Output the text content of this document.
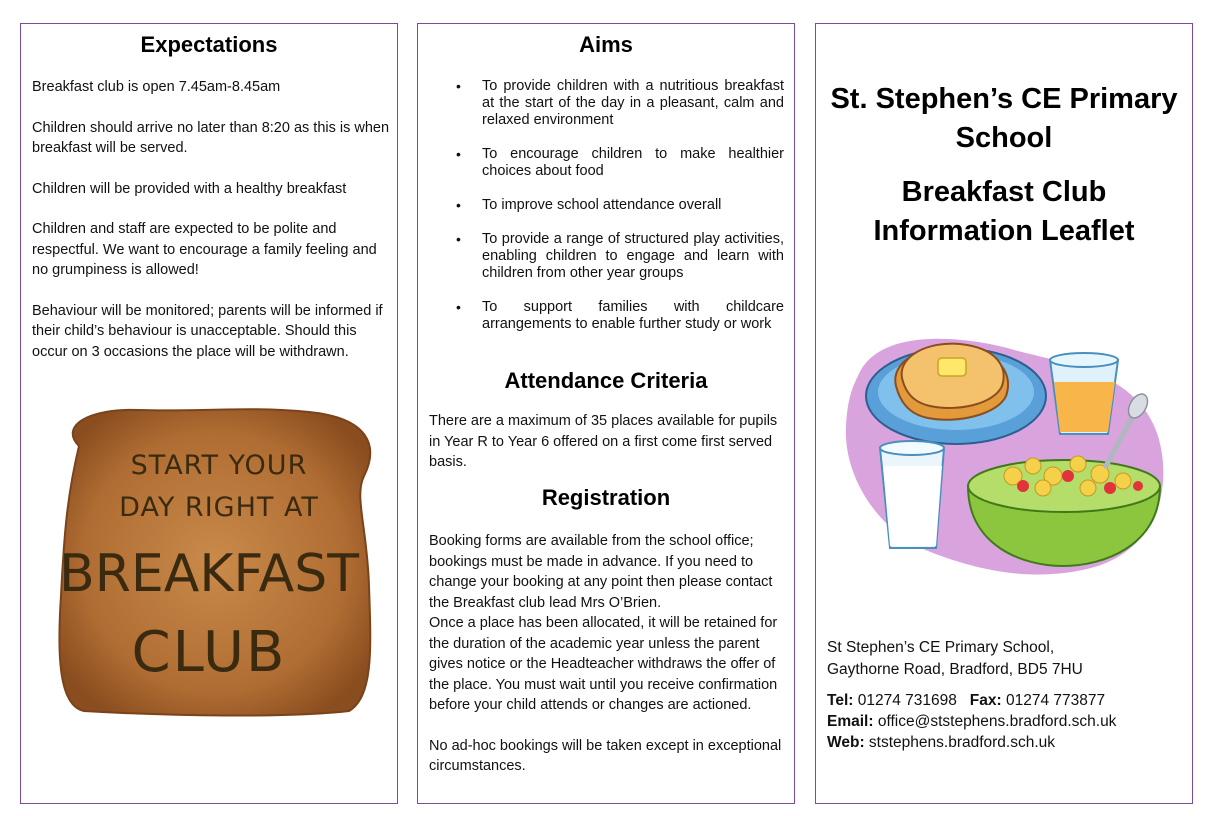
Expectations

Breakfast club is open 7.45am-8.45am

Children should arrive no later than 8:20 as this is when breakfast will be served.

Children will be provided with a healthy breakfast

Children and staff are expected to be polite and respectful. We want to encourage a family feeling and no grumpiness is allowed!

Behaviour will be monitored; parents will be informed if their child’s behaviour is unacceptable. Should this occur on 3 occasions the place will be withdrawn.

START YOUR
DAY RIGHT AT
BREAKFAST
CLUB
Aims
• To provide children with a nutritious breakfast at the start of the day in a pleasant, calm and relaxed environment
• To encourage children to make healthier choices about food
• To improve school attendance overall
• To provide a range of structured play activities, enabling children to engage and learn with children from other year groups
• To support families with childcare arrangements to enable further study or work
Attendance Criteria

There are a maximum of 35 places available for pupils in Year R to Year 6 offered on a first come first served basis.

Registration

Booking forms are available from the school office; bookings must be made in advance. If you need to change your booking at any point then please contact the Breakfast club lead Mrs O’Brien.

Once a place has been allocated, it will be retained for the duration of the academic year unless the parent gives notice or the Headteacher withdraws the offer of the place. You must wait until you receive confirmation before your child attends or changes are actioned.

No ad-hoc bookings will be taken except in exceptional circumstances.

St. Stephen’s CE Primary
School
Breakfast Club
Information Leaflet
St Stephen’s CE Primary School,
Gaythorne Road, Bradford, BD5 7HU
Tel: 01274 731698 Fax: 01274 773877
Email: office@ststephens.bradford.sch.uk
Web: ststephens.bradford.sch.uk
